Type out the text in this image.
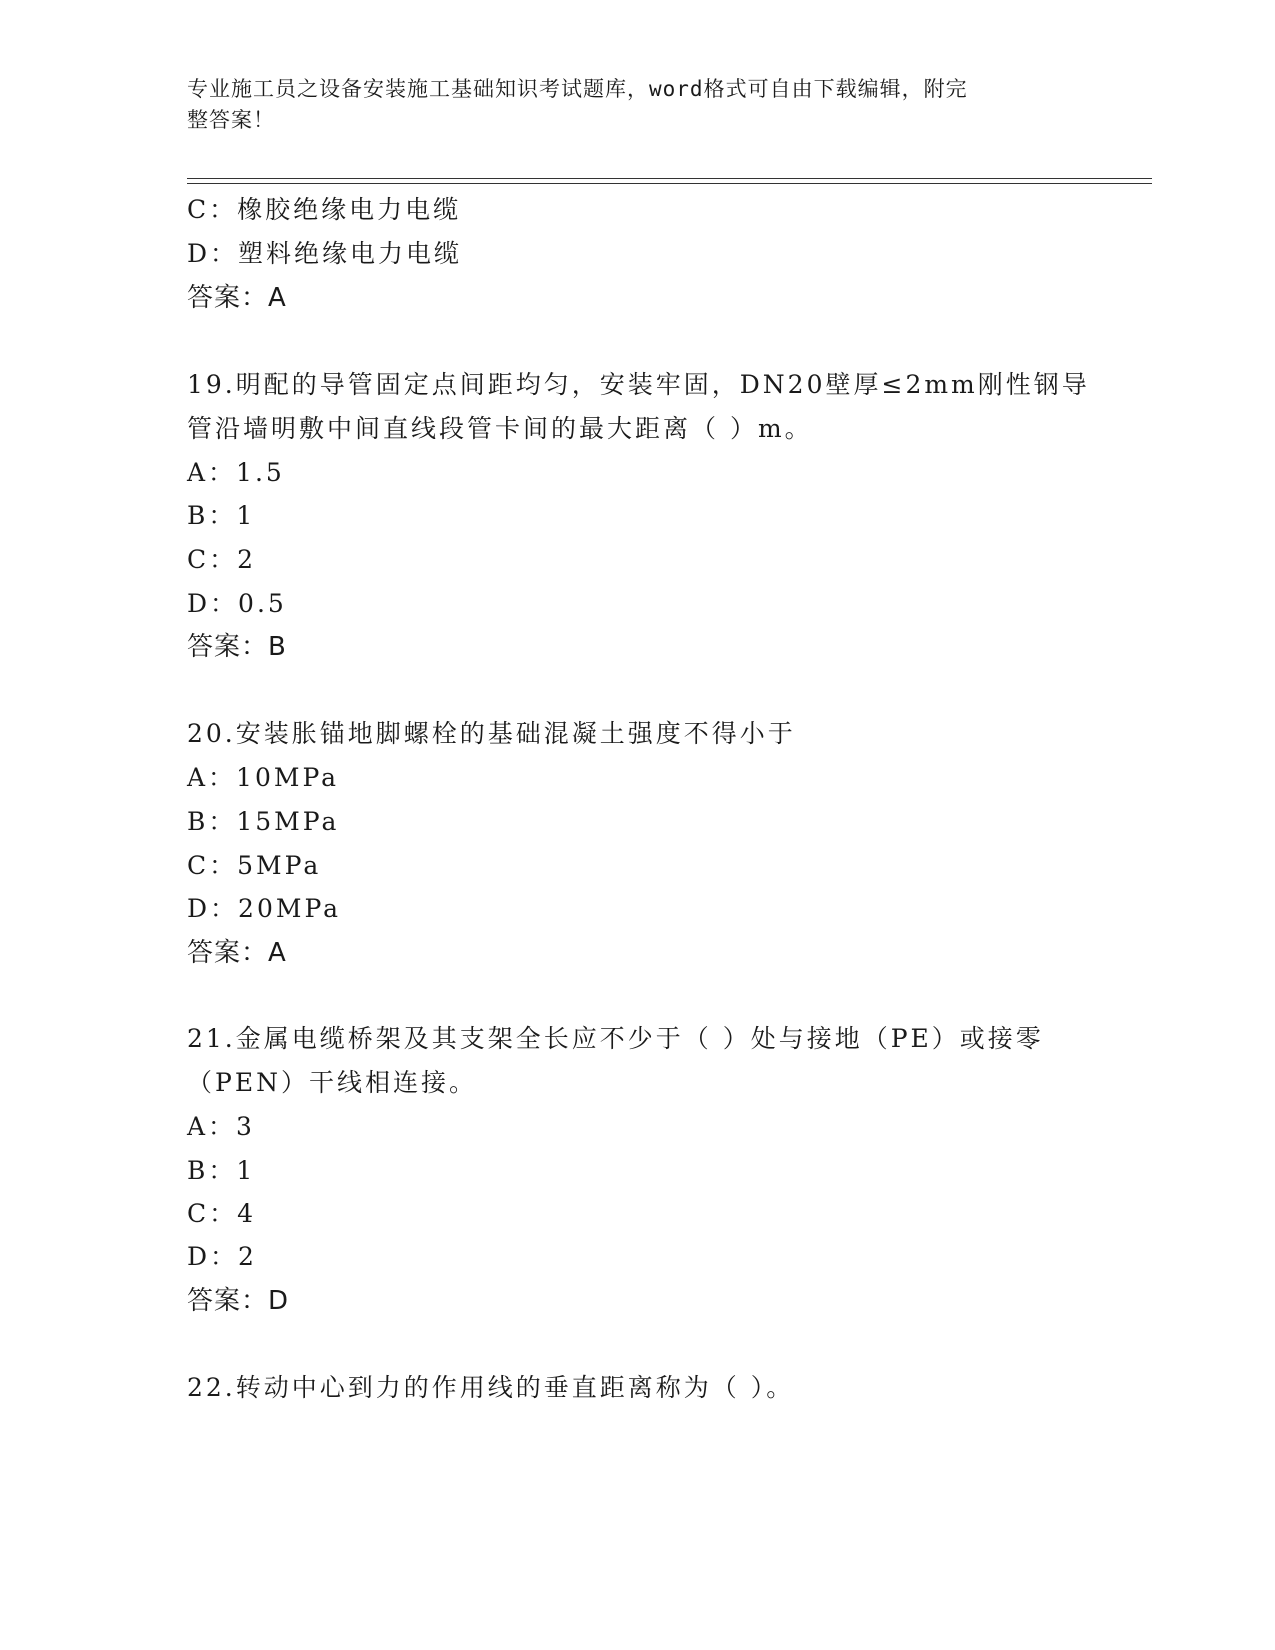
专业施工员之设备安装施工基础知识考试题库，word格式可自由下载编辑，附完
整答案！
C：橡胶绝缘电力电缆
D：塑料绝缘电力电缆
答案：A
19.明配的导管固定点间距均匀，安装牢固，DN20壁厚≤2mm刚性钢导
管沿墙明敷中间直线段管卡间的最大距离（ ）m。
A：1.5
B：1
C：2
D：0.5
答案：B
20.安装胀锚地脚螺栓的基础混凝土强度不得小于
A：10MPa
B：15MPa
C：5MPa
D：20MPa
答案：A
21.金属电缆桥架及其支架全长应不少于（ ）处与接地（PE）或接零
（PEN）干线相连接。
A：3
B：1
C：4
D：2
答案：D
22.转动中心到力的作用线的垂直距离称为（ ）。
